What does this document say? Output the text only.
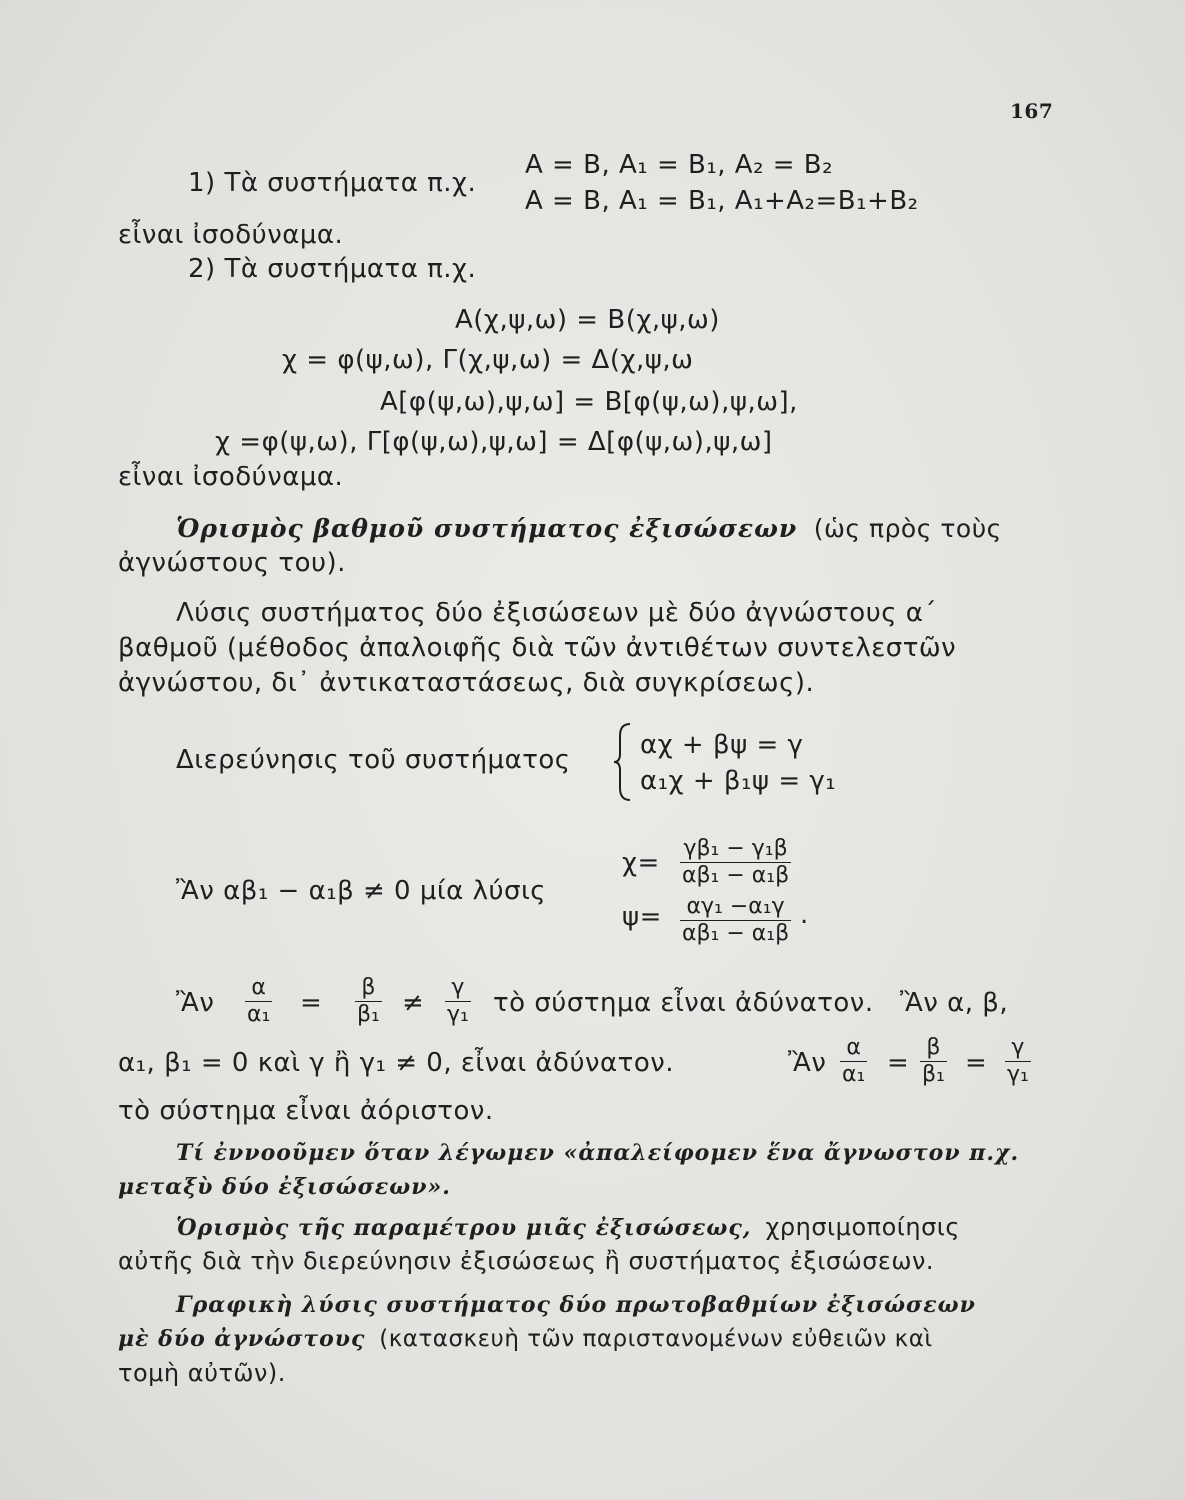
167
1) Τὰ συστήματα π.χ.
Α = Β, Α₁ = Β₁, Α₂ = Β₂
Α = Β, Α₁ = Β₁, Α₁+Α₂=Β₁+Β₂
εἶναι ἰσοδύναμα.
2) Τὰ συστήματα π.χ.
Α(χ,ψ,ω) = Β(χ,ψ,ω)
χ = φ(ψ,ω), Γ(χ,ψ,ω) = Δ(χ,ψ,ω
Α[φ(ψ,ω),ψ,ω] = Β[φ(ψ,ω),ψ,ω],
χ =φ(ψ,ω), Γ[φ(ψ,ω),ψ,ω] = Δ[φ(ψ,ω),ψ,ω]
εἶναι ἰσοδύναμα.
Ὁρισμὸς βαθμοῦ συστήματος ἐξισώσεων (ὡς πρὸς τοὺς
ἀγνώστους του).
Λύσις συστήματος δύο ἐξισώσεων μὲ δύο ἀγνώστους α΄
βαθμοῦ (μέθοδος ἀπαλοιφῆς διὰ τῶν ἀντιθέτων συντελεστῶν
ἀγνώστου, δι᾽ ἀντικαταστάσεως, διὰ συγκρίσεως).
Διερεύνησις τοῦ συστήματος	αχ + βψ = γ
α₁χ + β₁ψ = γ₁
Ἂν αβ₁ − α₁β ≠ 0 μία λύσις
$\chi= \frac{\text{γβ₁ − γ₁β}}{\text{αβ₁ − α₁β}}$
$\psi= \frac{\text{αγ₁ −α₁γ}}{\text{αβ₁ − α₁β}}$ .
Ἂν $\frac{\alpha}{\text{α₁}} = \frac{\beta}{\text{β₁}} \ne \frac{\gamma}{\text{γ₁}}$ τὸ σύστημα εἶναι ἀδύνατον. Ἂν α, β,
α₁, β₁ = 0 καὶ γ ἢ γ₁ ≠ 0, εἶναι ἀδύνατον.	Ἂν $\frac{\alpha}{\text{α₁}} = \frac{\beta}{\text{β₁}} = \frac{\gamma}{\text{γ₁}}$
τὸ σύστημα εἶναι ἀόριστον.
Τί ἐννοοῦμεν ὅταν λέγωμεν «ἀπαλείφομεν ἕνα ἄγνωστον π.χ.
μεταξὺ δύο ἐξισώσεων».
Ὁρισμὸς τῆς παραμέτρου μιᾶς ἐξισώσεως, χρησιμοποίησις
αὐτῆς διὰ τὴν διερεύνησιν ἐξισώσεως ἢ συστήματος ἐξισώσεων.
Γραφικὴ λύσις συστήματος δύο πρωτοβαθμίων ἐξισώσεων
μὲ δύο ἀγνώστους (κατασκευὴ τῶν παριστανομένων εὐθειῶν καὶ
τομὴ αὐτῶν).
